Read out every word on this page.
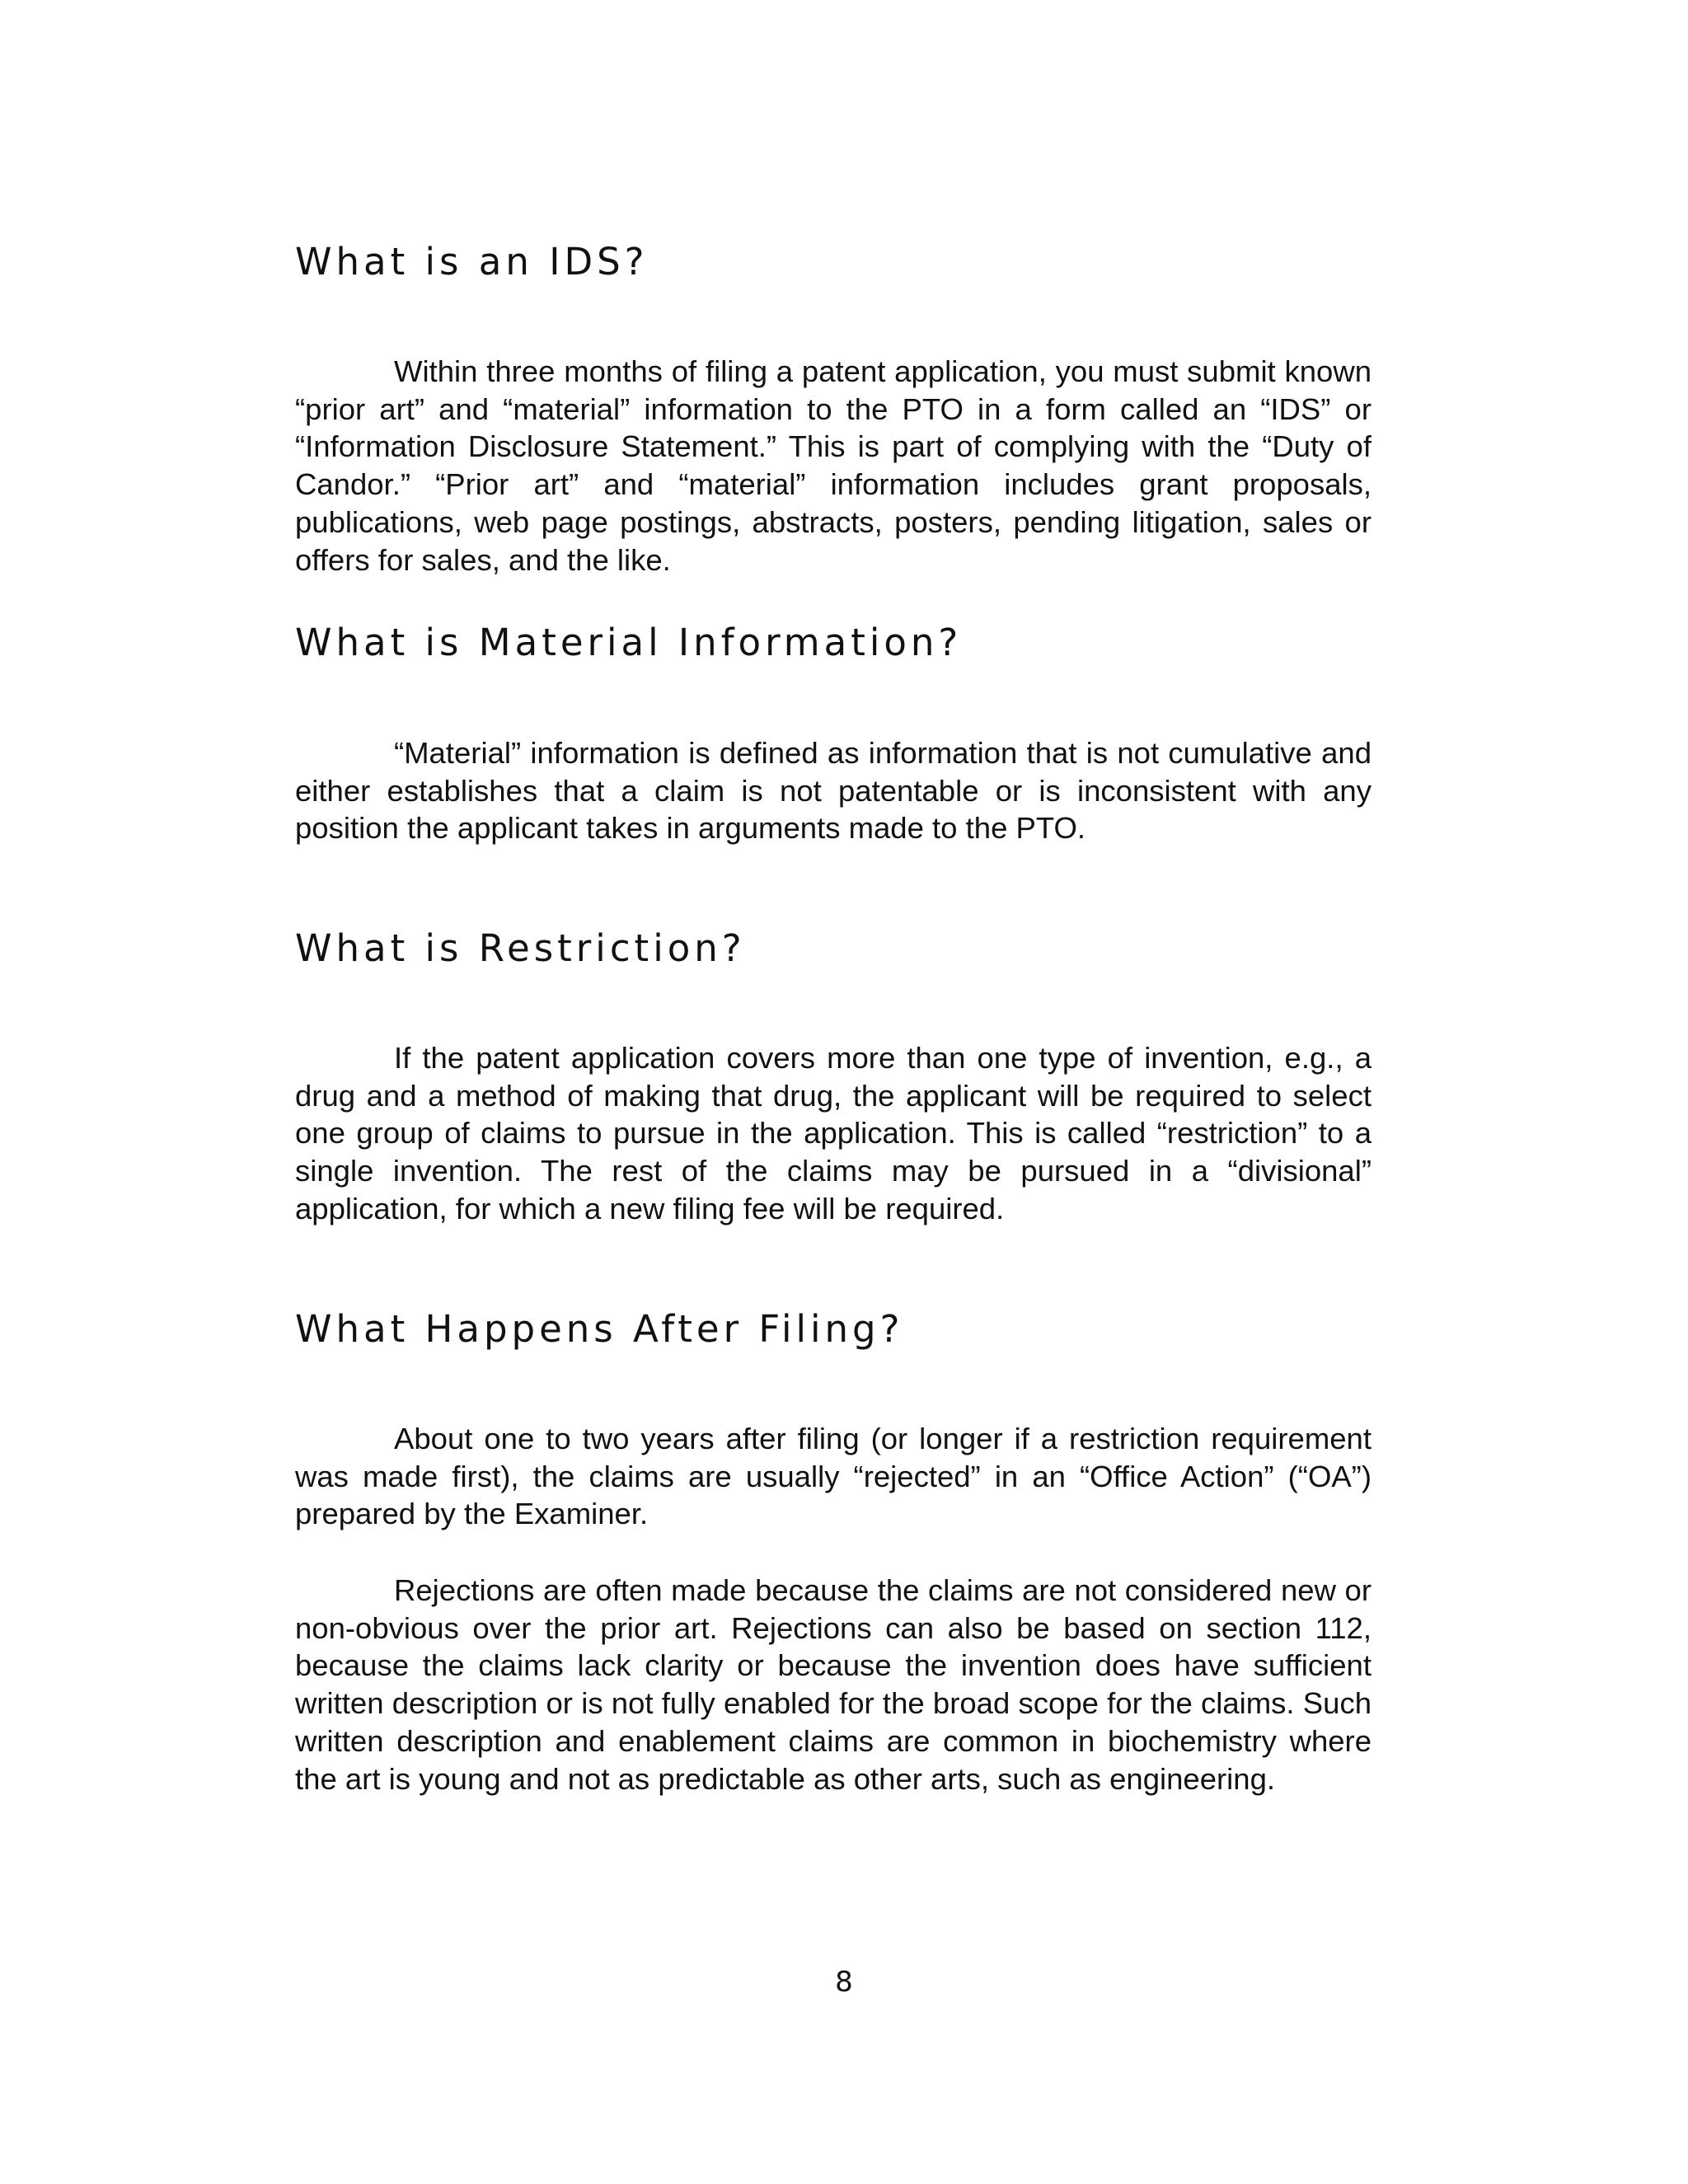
What is an IDS?

Within three months of filing a patent application, you must submit known “prior art” and “material” information to the PTO in a form called an “IDS” or “Information Disclosure Statement.” This is part of complying with the “Duty of Candor.” “Prior art” and “material” information includes grant proposals, publications, web page postings, abstracts, posters, pending litigation, sales or offers for sales, and the like.

What is Material Information?

“Material” information is defined as information that is not cumulative and either establishes that a claim is not patentable or is inconsistent with any position the applicant takes in arguments made to the PTO.

What is Restriction?

If the patent application covers more than one type of invention, e.g., a drug and a method of making that drug, the applicant will be required to select one group of claims to pursue in the application. This is called “restriction” to a single invention. The rest of the claims may be pursued in a “divisional” application, for which a new filing fee will be required.

What Happens After Filing?

About one to two years after filing (or longer if a restriction requirement was made first), the claims are usually “rejected” in an “Office Action” (“OA”) prepared by the Examiner.

Rejections are often made because the claims are not considered new or non-obvious over the prior art. Rejections can also be based on section 112, because the claims lack clarity or because the invention does have sufficient written description or is not fully enabled for the broad scope for the claims. Such written description and enablement claims are common in biochemistry where the art is young and not as predictable as other arts, such as engineering.

8
